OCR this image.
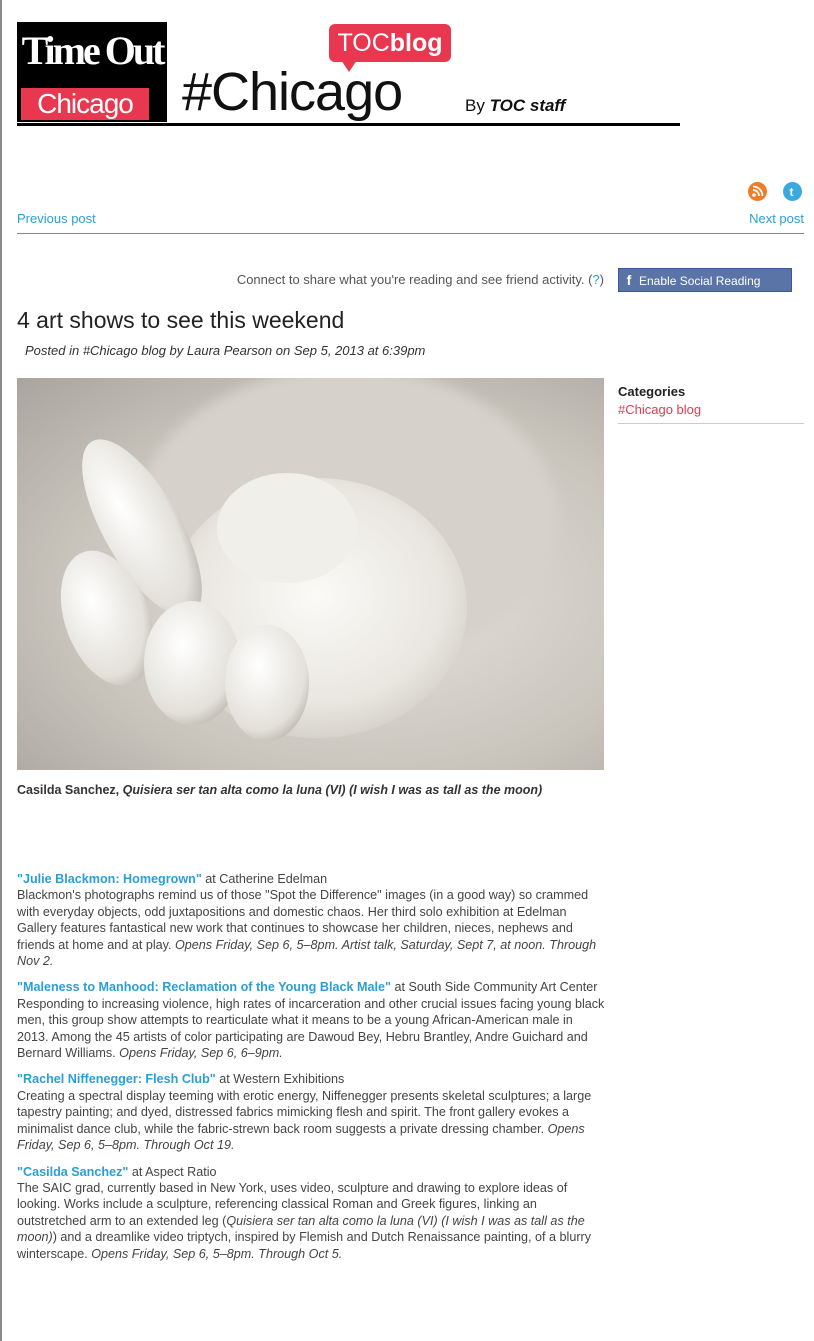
Time Out
Chicago
TOCblog
#Chicago	By TOC staff
t
Previous post	Next post
Connect to share what you're reading and see friend activity. (?)	f Enable Social Reading
4 art shows to see this weekend
Posted in #Chicago blog by Laura Pearson on Sep 5, 2013 at 6:39pm
Casilda Sanchez, Quisiera ser tan alta como la luna (VI) (I wish I was as tall as the moon)
"Julie Blackmon: Homegrown" at Catherine Edelman
Blackmon's photographs remind us of those "Spot the Difference" images (in a good way) so crammed with everyday objects, odd juxtapositions and domestic chaos. Her third solo exhibition at Edelman Gallery features fantastical new work that continues to showcase her children, nieces, nephews and friends at home and at play. Opens Friday, Sep 6, 5–8pm. Artist talk, Saturday, Sept 7, at noon. Through Nov 2.
"Maleness to Manhood: Reclamation of the Young Black Male" at South Side Community Art Center
Responding to increasing violence, high rates of incarceration and other crucial issues facing young black men, this group show attempts to rearticulate what it means to be a young African-American male in 2013. Among the 45 artists of color participating are Dawoud Bey, Hebru Brantley, Andre Guichard and Bernard Williams. Opens Friday, Sep 6, 6–9pm.
"Rachel Niffenegger: Flesh Club" at Western Exhibitions
Creating a spectral display teeming with erotic energy, Niffenegger presents skeletal sculptures; a large tapestry painting; and dyed, distressed fabrics mimicking flesh and spirit. The front gallery evokes a minimalist dance club, while the fabric-strewn back room suggests a private dressing chamber. Opens Friday, Sep 6, 5–8pm. Through Oct 19.
"Casilda Sanchez" at Aspect Ratio
The SAIC grad, currently based in New York, uses video, sculpture and drawing to explore ideas of looking. Works include a sculpture, referencing classical Roman and Greek figures, linking an outstretched arm to an extended leg (Quisiera ser tan alta como la luna (VI) (I wish I was as tall as the moon)) and a dreamlike video triptych, inspired by Flemish and Dutch Renaissance painting, of a blurry winterscape. Opens Friday, Sep 6, 5–8pm. Through Oct 5.
Categories
#Chicago blog
